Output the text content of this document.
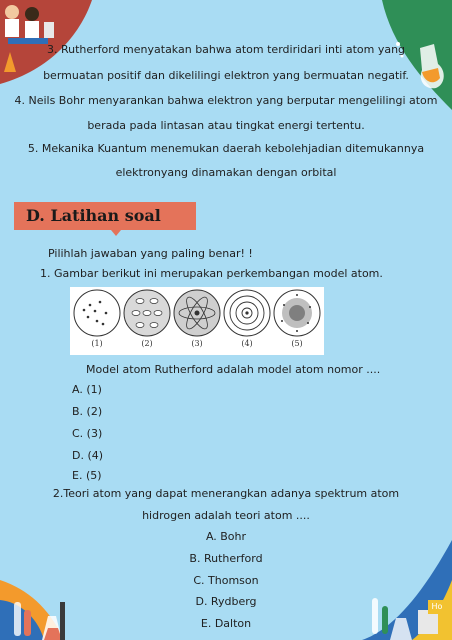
Ho
3. Rutherford menyatakan bahwa atom terdiridari inti atom yang
bermuatan positif dan dikelilingi elektron yang bermuatan negatif.
4. Neils Bohr menyarankan bahwa elektron yang berputar mengelilingi atom
berada pada lintasan atau tingkat energi tertentu.
5. Mekanika Kuantum menemukan daerah kebolehjadian ditemukannya
elektronyang dinamakan dengan orbital
D. Latihan soal
Pilihlah jawaban yang paling benar! !
1. Gambar berikut ini merupakan perkembangan model atom.
(1)	(2)	(3)	(4)	(5)
Model atom Rutherford adalah model atom nomor ....
A. (1)
B. (2)
C. (3)
D. (4)
E. (5)
2.Teori atom yang dapat menerangkan adanya spektrum atom
hidrogen adalah teori atom ....
A. Bohr
B. Rutherford
C. Thomson
D. Rydberg
E. Dalton
